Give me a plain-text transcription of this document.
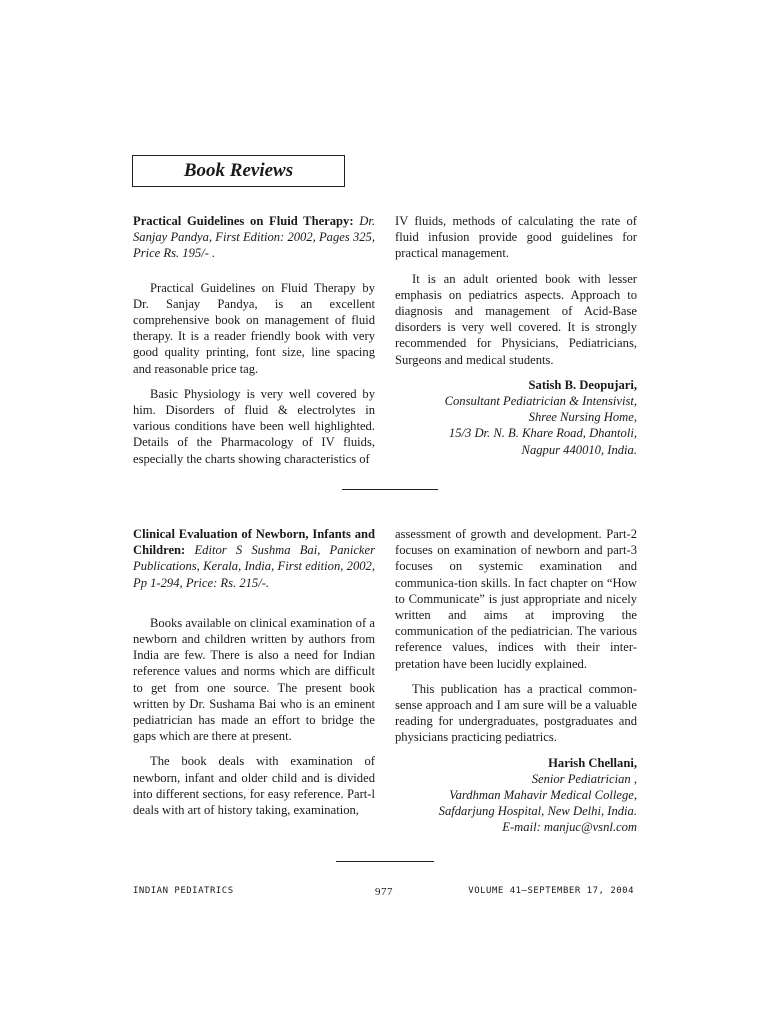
Book Reviews

Practical Guidelines on Fluid Therapy: Dr. Sanjay Pandya, First Edition: 2002, Pages 325, Price Rs. 195/- .

Practical Guidelines on Fluid Therapy by Dr. Sanjay Pandya, is an excellent comprehensive book on management of fluid therapy. It is a reader friendly book with very good quality printing, font size, line spacing and reasonable price tag.

Basic Physiology is very well covered by him. Disorders of fluid & electrolytes in various conditions have been well highlighted. Details of the Pharmacology of IV fluids, especially the charts showing characteristics of

IV fluids, methods of calculating the rate of fluid infusion provide good guidelines for practical management.

It is an adult oriented book with lesser emphasis on pediatrics aspects. Approach to diagnosis and management of Acid-Base disorders is very well covered. It is strongly recommended for Physicians, Pediatricians, Surgeons and medical students.

Satish B. Deopujari,
Consultant Pediatrician & Intensivist,
Shree Nursing Home,
15/3 Dr. N. B. Khare Road, Dhantoli,
Nagpur 440010, India.

Clinical Evaluation of Newborn, Infants and Children: Editor S Sushma Bai, Panicker Publications, Kerala, India, First edition, 2002, Pp 1-294, Price: Rs. 215/-.

Books available on clinical examination of a newborn and children written by authors from India are few. There is also a need for Indian reference values and norms which are difficult to get from one source. The present book written by Dr. Sushama Bai who is an eminent pediatrician has made an effort to bridge the gaps which are there at present.

The book deals with examination of newborn, infant and older child and is divided into different sections, for easy reference. Part-l deals with art of history taking, examination,

assessment of growth and development. Part-2 focuses on examination of newborn and part-3 focuses on systemic examination and communica-tion skills. In fact chapter on “How to Communicate” is just appropriate and nicely written and aims at improving the communication of the pediatrician. The various reference values, indices with their inter-pretation have been lucidly explained.

This publication has a practical common-sense approach and I am sure will be a valuable reading for undergraduates, postgraduates and physicians practicing pediatrics.

Harish Chellani,
Senior Pediatrician ,
Vardhman Mahavir Medical College,
Safdarjung Hospital, New Delhi, India.
E-mail: manjuc@vsnl.com
INDIAN PEDIATRICS	977	VOLUME 41—SEPTEMBER 17, 2004
